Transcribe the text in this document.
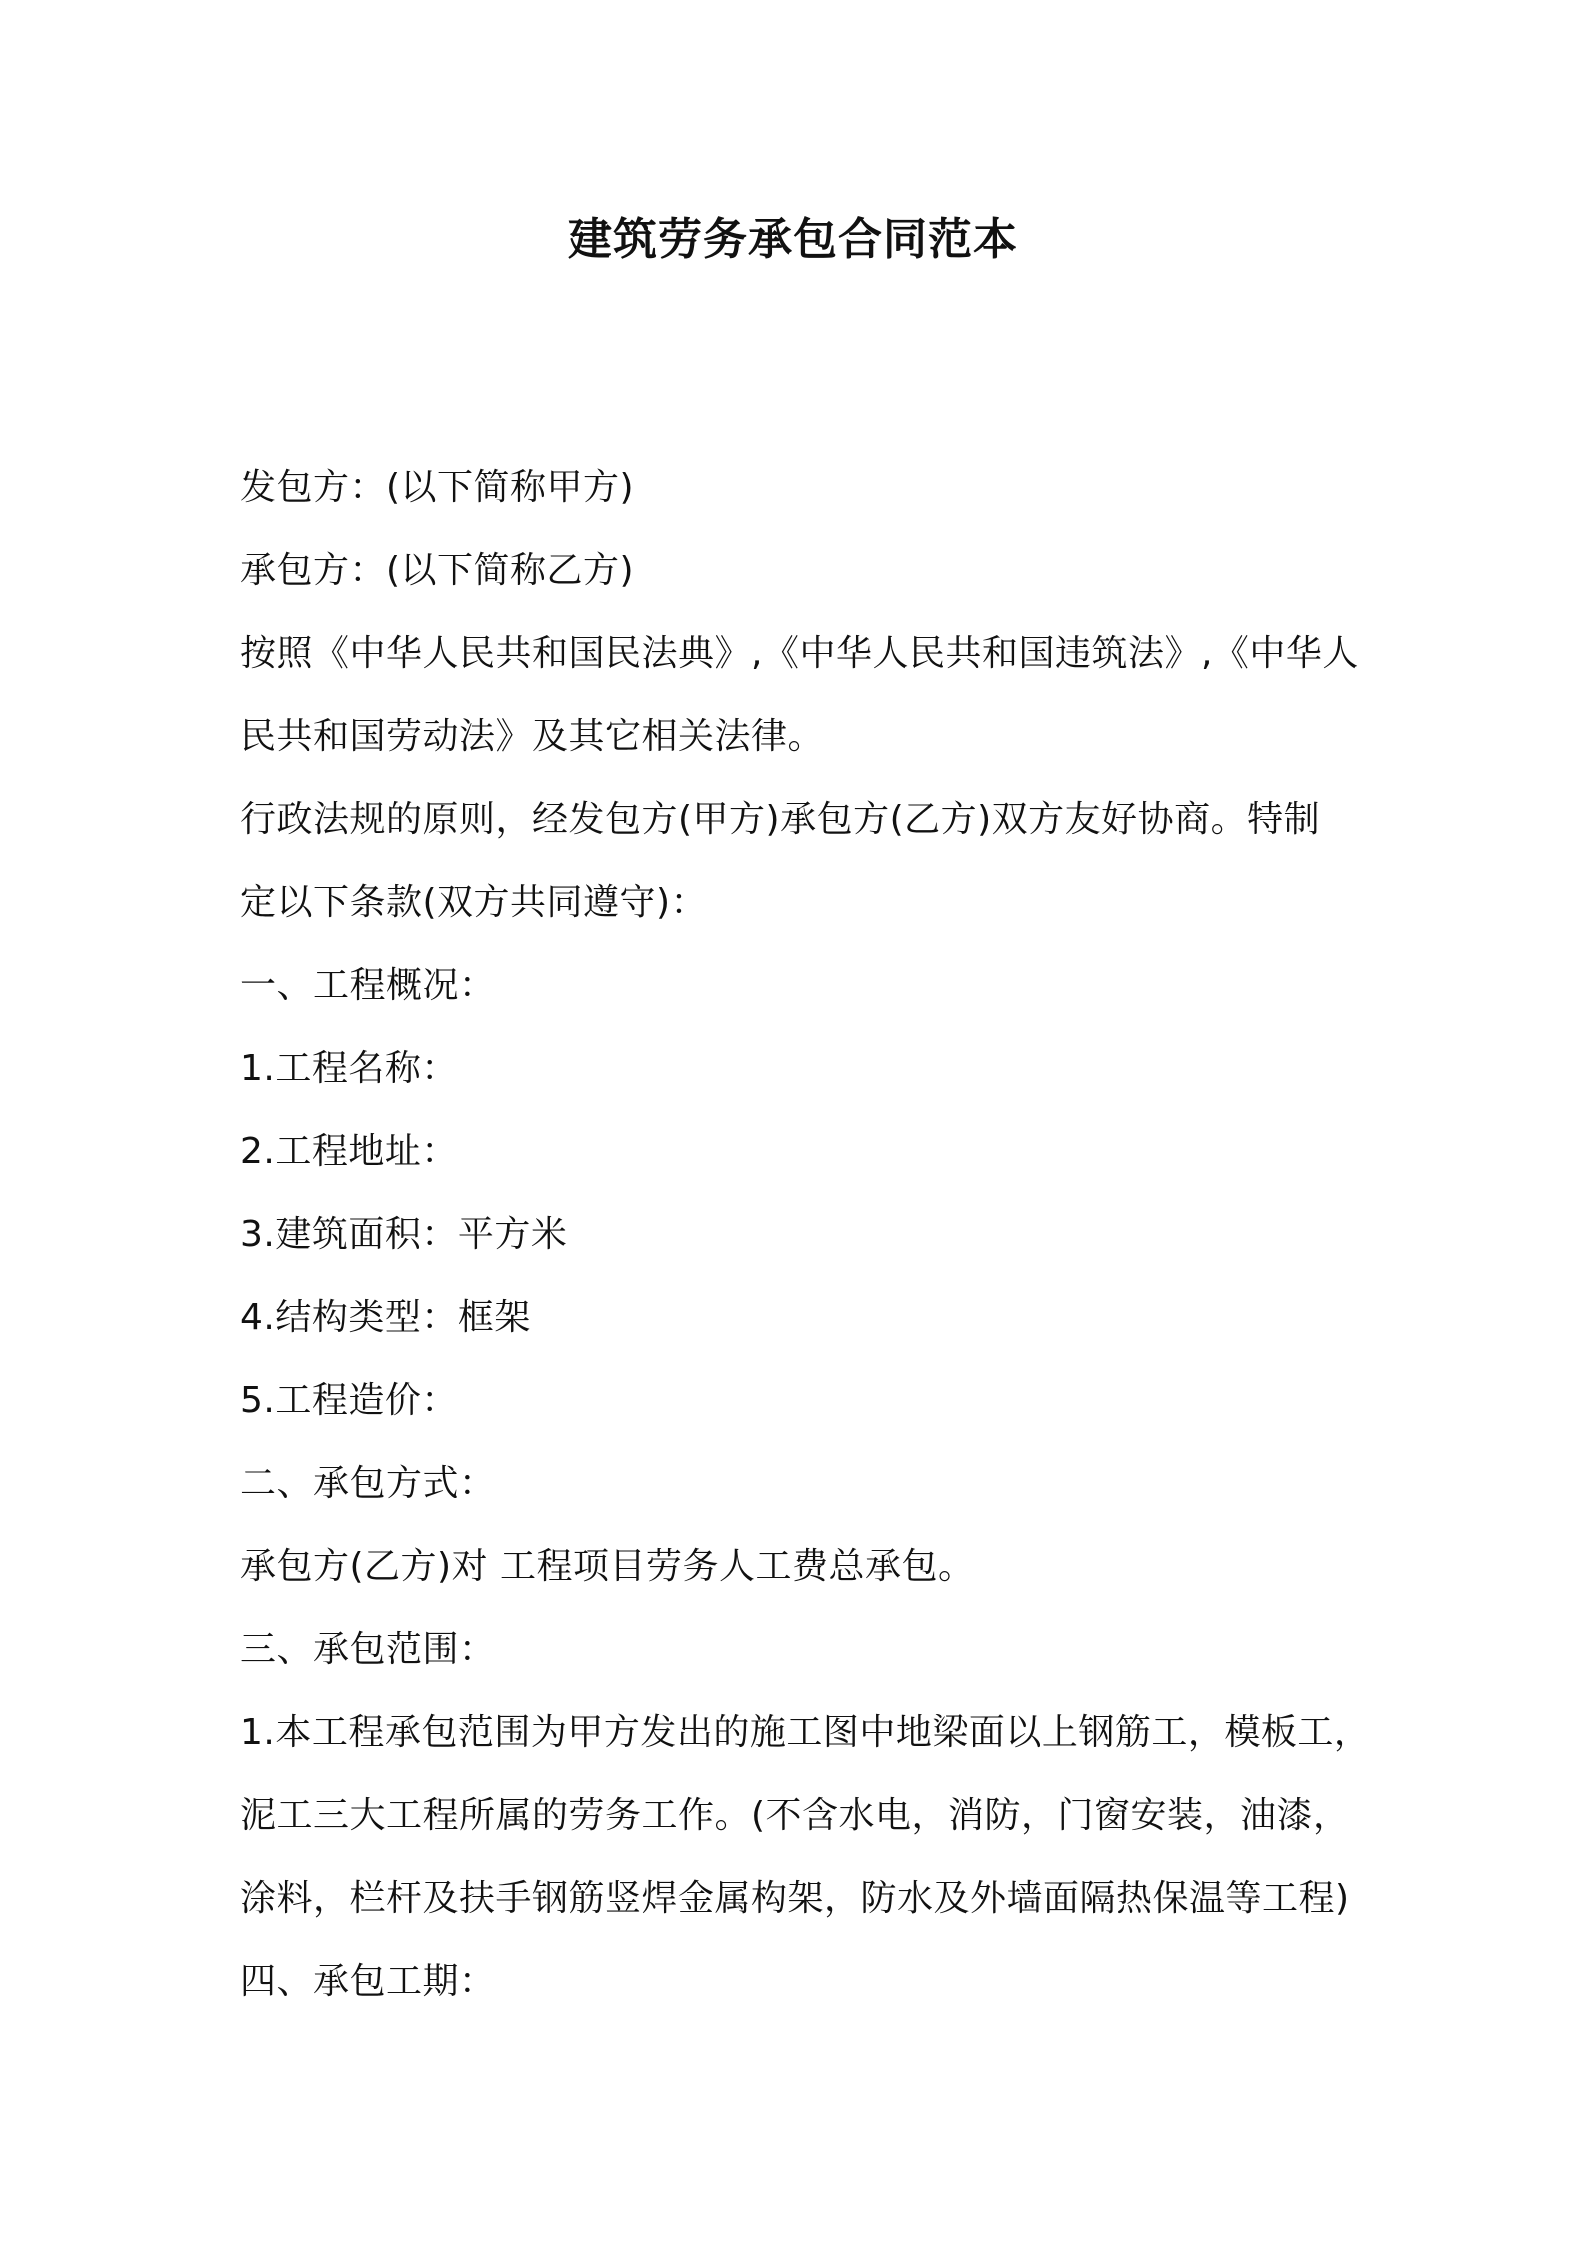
建筑劳务承包合同范本
发包方：(以下简称甲方)
承包方：(以下简称乙方)
按照《中华人民共和国民法典》,《中华人民共和国违筑法》,《中华人
民共和国劳动法》及其它相关法律。
行政法规的原则，经发包方(甲方)承包方(乙方)双方友好协商。特制
定以下条款(双方共同遵守)：
一、工程概况：
1.工程名称：
2.工程地址：
3.建筑面积：平方米
4.结构类型：框架
5.工程造价：
二、承包方式：
承包方(乙方)对 工程项目劳务人工费总承包。
三、承包范围：
1.本工程承包范围为甲方发出的施工图中地梁面以上钢筋工，模板工，
泥工三大工程所属的劳务工作。(不含水电，消防，门窗安装，油漆，
涂料，栏杆及扶手钢筋竖焊金属构架，防水及外墙面隔热保温等工程)
四、承包工期：
